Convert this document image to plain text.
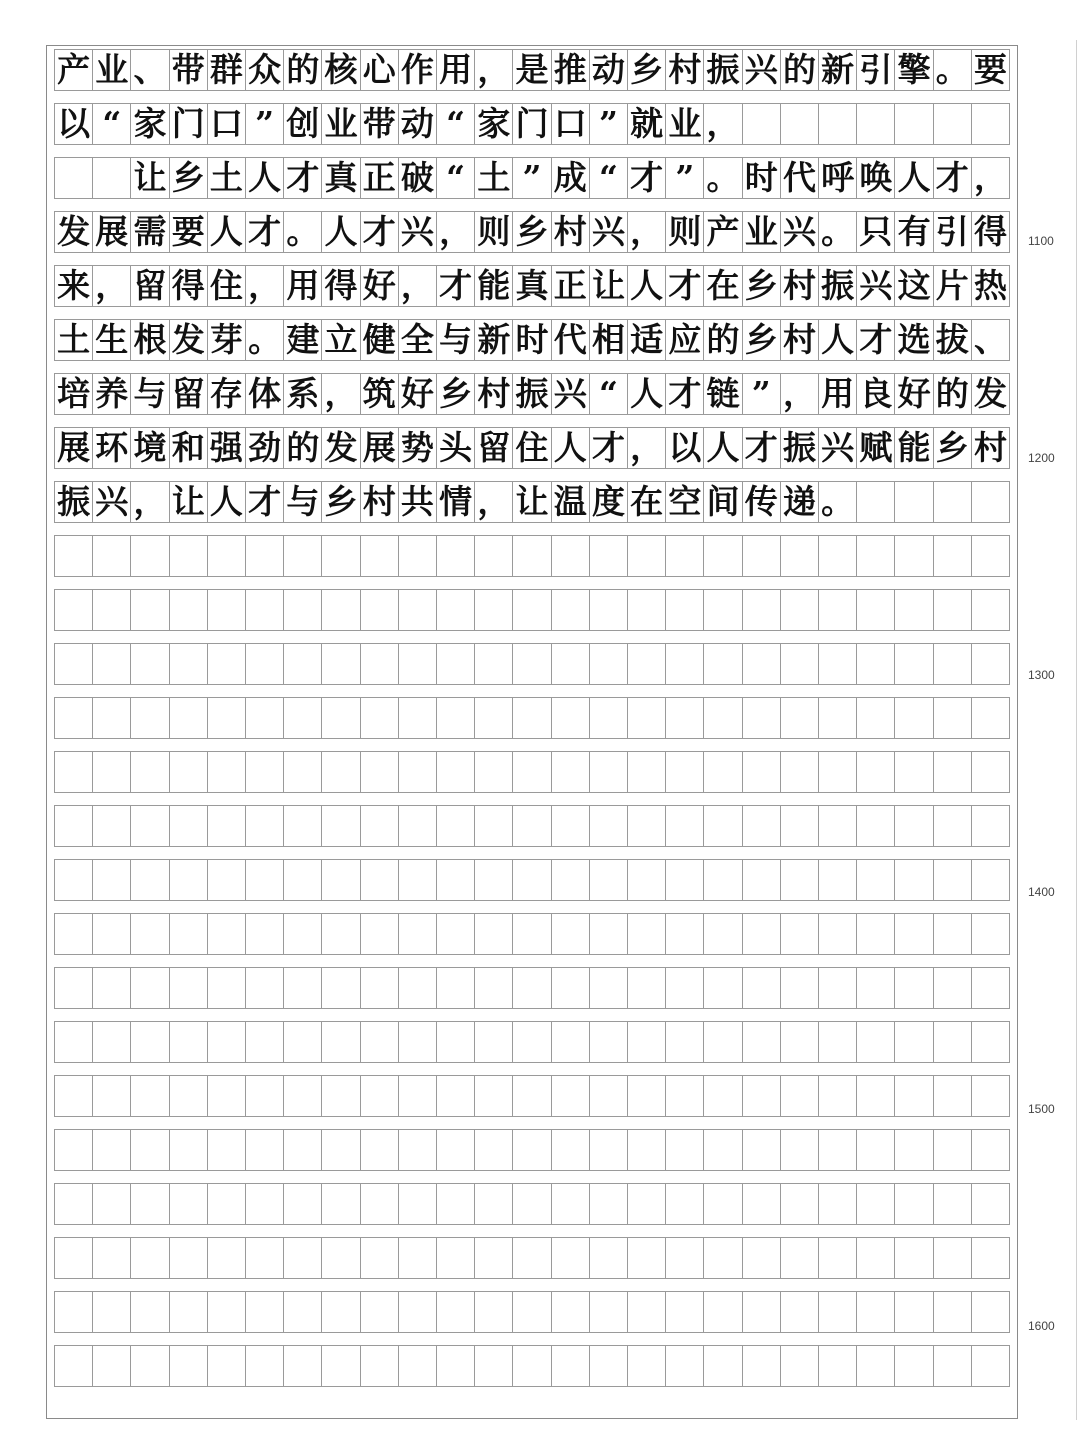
产 业 、 带 群 众 的 核 心 作 用 ， 是 推 动 乡 村 振 兴 的 新 引 擎 。 要
以 “ 家 门 口 ” 创 业 带 动 “ 家 门 口 ” 就 业 ，
让 乡 土 人 才 真 正 破 “ 土 ” 成 “ 才 ” 。 时 代 呼 唤 人 才 ，
发 展 需 要 人 才 。 人 才 兴 ， 则 乡 村 兴 ， 则 产 业 兴 。 只 有 引 得
来 ， 留 得 住 ， 用 得 好 ， 才 能 真 正 让 人 才 在 乡 村 振 兴 这 片 热
土 生 根 发 芽 。 建 立 健 全 与 新 时 代 相 适 应 的 乡 村 人 才 选 拔 、
培 养 与 留 存 体 系 ， 筑 好 乡 村 振 兴 “ 人 才 链 ” ， 用 良 好 的 发
展 环 境 和 强 劲 的 发 展 势 头 留 住 人 才 ， 以 人 才 振 兴 赋 能 乡 村
振 兴 ， 让 人 才 与 乡 村 共 情 ， 让 温 度 在 空 间 传 递 。
1100
1200
1300
1400
1500
1600
